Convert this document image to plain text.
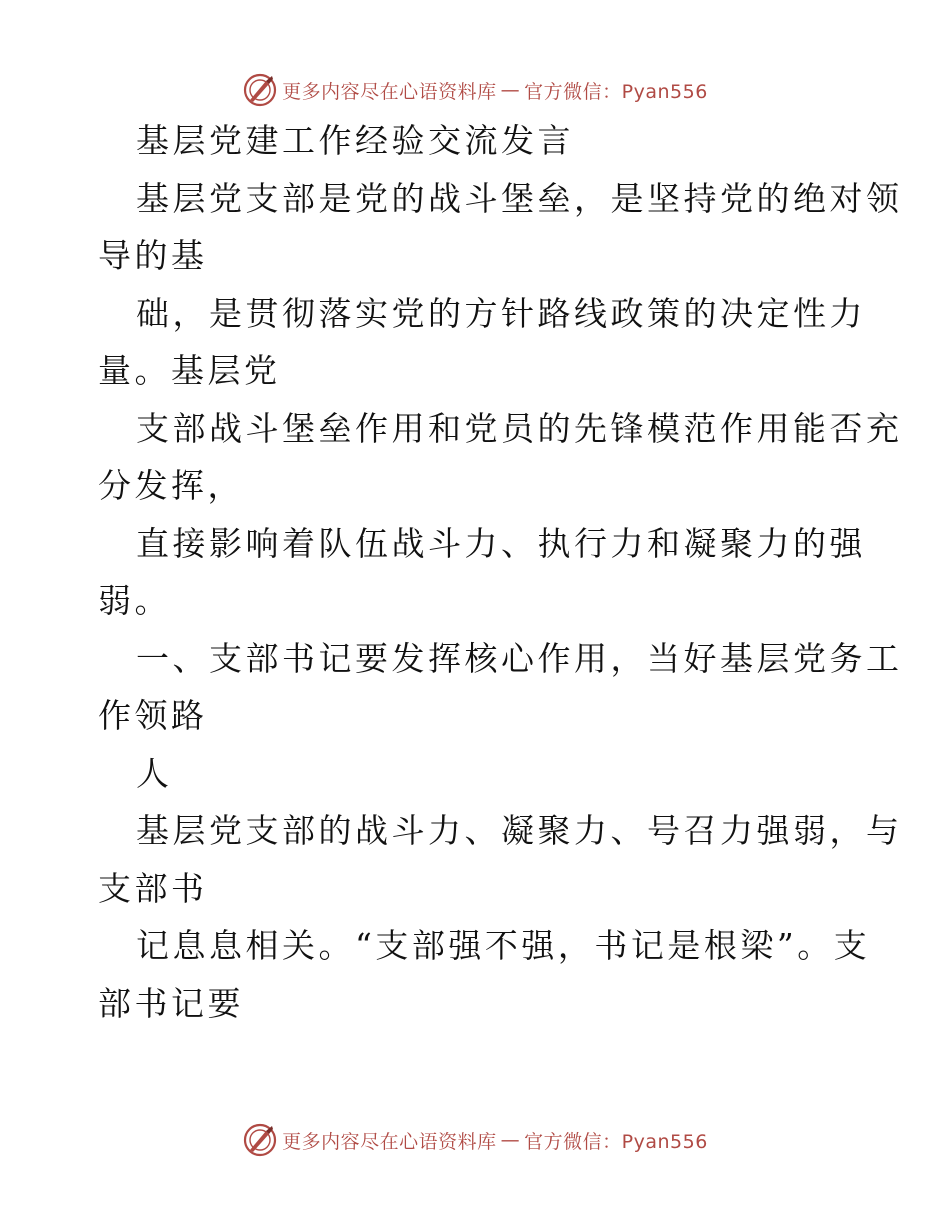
更多内容尽在心语资料库 — 官方微信：Pyan556
基层党建工作经验交流发言
基层党支部是党的战斗堡垒，是坚持党的绝对领
导的基
础，是贯彻落实党的方针路线政策的决定性力
量。基层党
支部战斗堡垒作用和党员的先锋模范作用能否充
分发挥，
直接影响着队伍战斗力、执行力和凝聚力的强
弱。
一、支部书记要发挥核心作用，当好基层党务工
作领路
人
基层党支部的战斗力、凝聚力、号召力强弱，与
支部书
记息息相关。“支部强不强，书记是根梁”。支
部书记要
更多内容尽在心语资料库 — 官方微信：Pyan556
